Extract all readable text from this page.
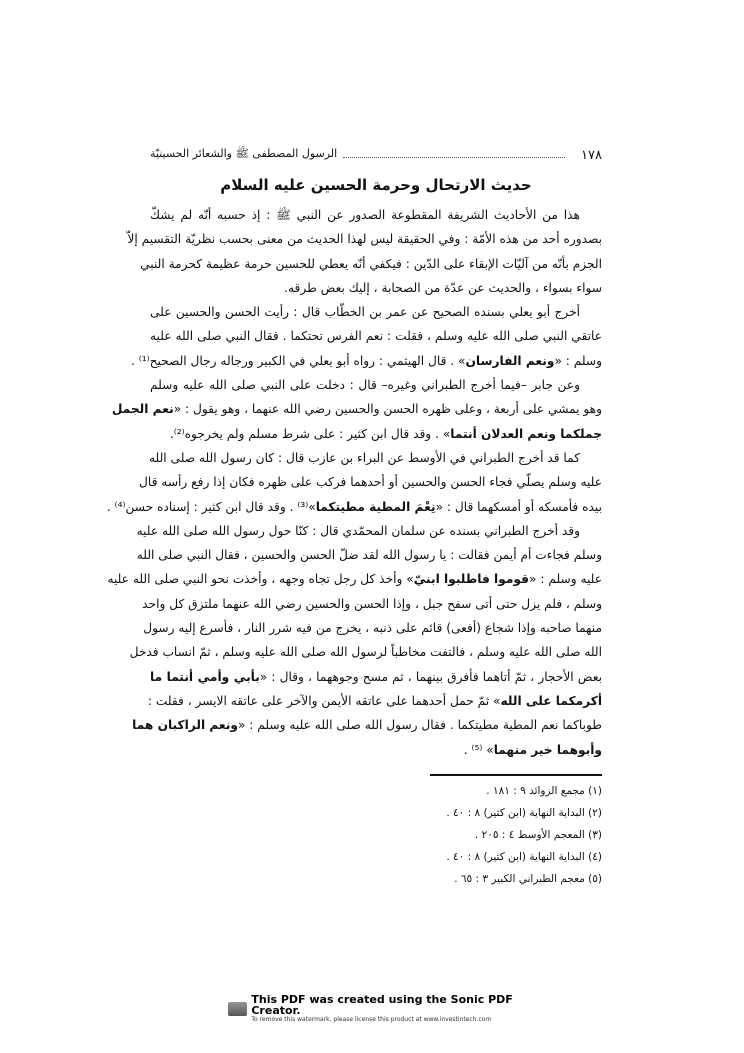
١٧٨
الرسول المصطفى ﷺ والشعائر الحسينيّة
حديث الارتحال وحرمة الحسين عليه السلام
هذا من الأحاديث الشريفة المقطوعة الصدور عن النبي ﷺ : إذ حسبه أنّه لم يشكّ
بصدوره أحد من هذه الأمّة : وفي الحقيقة ليس لهذا الحديث من معنى بحسب نظريّة التقسيم إلاّ
الجزم بأنّه من آليّات الإبقاء على الدّين : فيكفي أنّه يعطي للحسين حرمة عظيمة كحرمة النبي
سواء بسواء ، والحديث عن عدّة من الصحابة ، إليك بعض طرقه.
أخرج أبو يعلي بسنده الصحيح عن عمر بن الخطّاب قال : رأيت الحسن والحسين على
عاتقي النبي صلى الله عليه وسلم ، فقلت : نعم الفرس تحتكما . فقال النبي صلى الله عليه
وسلم : «ونعم الفارسان» . قال الهيثمي : رواه أبو يعلي في الكبير ورجاله رجال الصحيح⁽¹⁾ .
وعن جابر –فيما أخرج الطبراني وغيره– قال : دخلت على النبي صلى الله عليه وسلم
وهو يمشي على أربعة ، وعلى ظهره الحسن والحسين رضي الله عنهما ، وهو يقول : «نعم الجمل
جملكما ونعم العدلان أنتما» . وقد قال ابن كثير : على شرط مسلم ولم يخرجوه⁽²⁾.
كما قد أخرج الطبراني في الأوسط عن البراء بن عازب قال : كان رسول الله صلى الله
عليه وسلم يصلّي فجاء الحسن والحسين أو أحدهما فركب على ظهره فكان إذا رفع رأسه قال
بيده فأمسكه أو أمسكهما قال : «نِعْمَ المطية مطيتكما»⁽³⁾ . وقد قال ابن كثير : إسناده حسن⁽⁴⁾ .
وقد أخرج الطبراني بسنده عن سلمان المحمّدي قال : كنّا حول رسول الله صلى الله عليه
وسلم فجاءت أم أيمن فقالت : يا رسول الله لقد ضلّ الحسن والحسين ، فقال النبي صلى الله
عليه وسلم : «قوموا فاطلبوا ابنيّ» وأخذ كل رجل تجاه وجهه ، وأخذت نحو النبي صلى الله عليه
وسلم ، فلم يزل حتى أتى سفح جبل ، وإذا الحسن والحسين رضي الله عنهما ملتزق كل واحد
منهما صاحبه وإذا شجاع (أفعى) قائم على ذنبه ، يخرج من فيه شرر النار ، فأسرع إليه رسول
الله صلى الله عليه وسلم ، فالتفت مخاطباً لرسول الله صلى الله عليه وسلم ، ثمّ انساب فدخل
بعض الأحجار ، ثمّ أتاهما فأفرق بينهما ، ثم مسح وجوههما ، وقال : «بأبي وأمي أنتما ما
أكرمكما على الله» ثمّ حمل أحدهما على عاتقه الأيمن والآخر على عاتقه الايسر ، فقلت :
طوباكما نعم المطية مطيتكما . فقال رسول الله صلى الله عليه وسلم : «ونعم الراكبان هما
وأبوهما خير منهما» ⁽⁵⁾ .
(١) مجمع الزوائد ٩ : ١٨١ .
(٢) البداية النهاية (ابن كثير) ٨ : ٤٠ .
(٣) المعجم الأوسط ٤ : ٢٠٥ .
(٤) البداية النهاية (ابن كثير) ٨ : ٤٠ .
(٥) معجم الطبراني الكبير ٣ : ٦٥ .
This PDF was created using the Sonic PDF Creator.
To remove this watermark, please license this product at www.investintech.com
